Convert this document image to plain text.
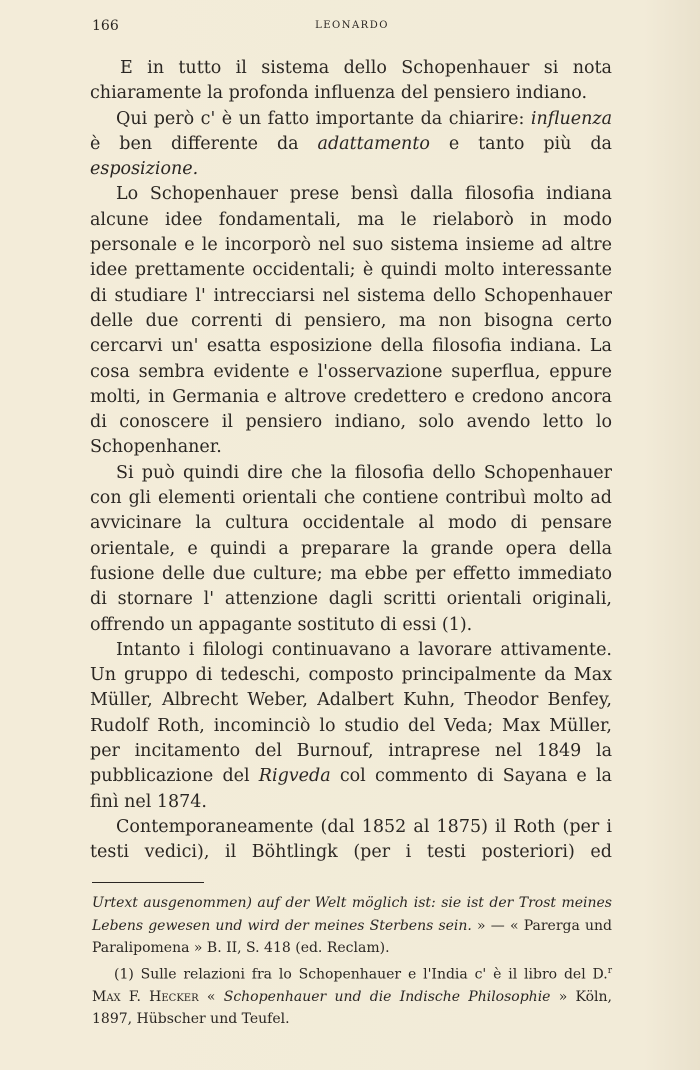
166	LEONARDO

E in tutto il sistema dello Schopenhauer si nota chiaramente la profonda influenza del pensiero indiano.

Qui però c' è un fatto importante da chiarire: influenza è ben differente da adattamento e tanto più da esposizione.

Lo Schopenhauer prese bensì dalla filosofia indiana alcune idee fondamentali, ma le rielaborò in modo personale e le incorporò nel suo sistema insieme ad altre idee prettamente occidentali; è quindi molto interessante di studiare l' intrecciarsi nel sistema dello Schopenhauer delle due correnti di pensiero, ma non bisogna certo cercarvi un' esatta esposizione della filosofia indiana. La cosa sembra evidente e l'osservazione superflua, eppure molti, in Germania e altrove credettero e credono ancora di conoscere il pensiero indiano, solo avendo letto lo Schopenhaner.

Si può quindi dire che la filosofia dello Schopenhauer con gli elementi orientali che contiene contribuì molto ad avvicinare la cultura occidentale al modo di pensare orientale, e quindi a preparare la grande opera della fusione delle due culture; ma ebbe per effetto immediato di stornare l' attenzione dagli scritti orientali originali, offrendo un appagante sostituto di essi (1).

Intanto i filologi continuavano a lavorare attivamente. Un gruppo di tedeschi, composto principalmente da Max Müller, Albrecht Weber, Adalbert Kuhn, Theodor Benfey, Rudolf Roth, incominciò lo studio del Veda; Max Müller, per incitamento del Burnouf, intraprese nel 1849 la pubblicazione del Rigveda col commento di Sayana e la finì nel 1874.

Contemporaneamente (dal 1852 al 1875) il Roth (per i testi vedici), il Böhtlingk (per i testi posteriori) ed

Urtext ausgenommen) auf der Welt möglich ist: sie ist der Trost meines Lebens gewesen und wird der meines Sterbens sein. » — « Parerga und Paralipomena » B. II, S. 418 (ed. Reclam).

(1) Sulle relazioni fra lo Schopenhauer e l'India c' è il libro del D.$^r$ Max F. Hecker « Schopenhauer und die Indische Philosophie » Köln, 1897, Hübscher und Teufel.
